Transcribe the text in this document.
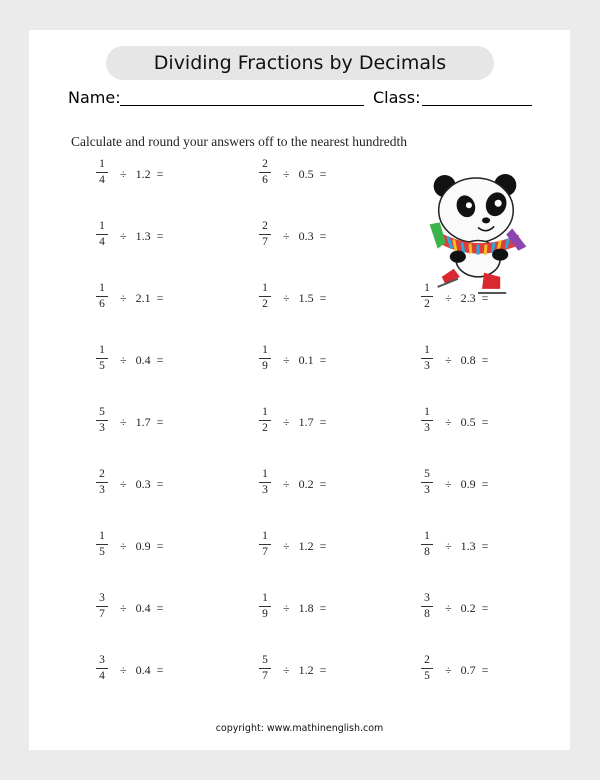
Dividing Fractions by Decimals
Name:	Class:
Calculate and round your answers off to the nearest hundredth
1
4 ÷ 1.2 =
2
6 ÷ 0.5 =
1
4 ÷ 1.3 =
2
7 ÷ 0.3 =
1
6 ÷ 2.1 =
1
2 ÷ 1.5 =
1
2 ÷ 2.3 =
1
5 ÷ 0.4 =
1
9 ÷ 0.1 =
1
3 ÷ 0.8 =
5
3 ÷ 1.7 =
1
2 ÷ 1.7 =
1
3 ÷ 0.5 =
2
3 ÷ 0.3 =
1
3 ÷ 0.2 =
5
3 ÷ 0.9 =
1
5 ÷ 0.9 =
1
7 ÷ 1.2 =
1
8 ÷ 1.3 =
3
7 ÷ 0.4 =
1
9 ÷ 1.8 =
3
8 ÷ 0.2 =
3
4 ÷ 0.4 =
5
7 ÷ 1.2 =
2
5 ÷ 0.7 =
copyright: www.mathinenglish.com
